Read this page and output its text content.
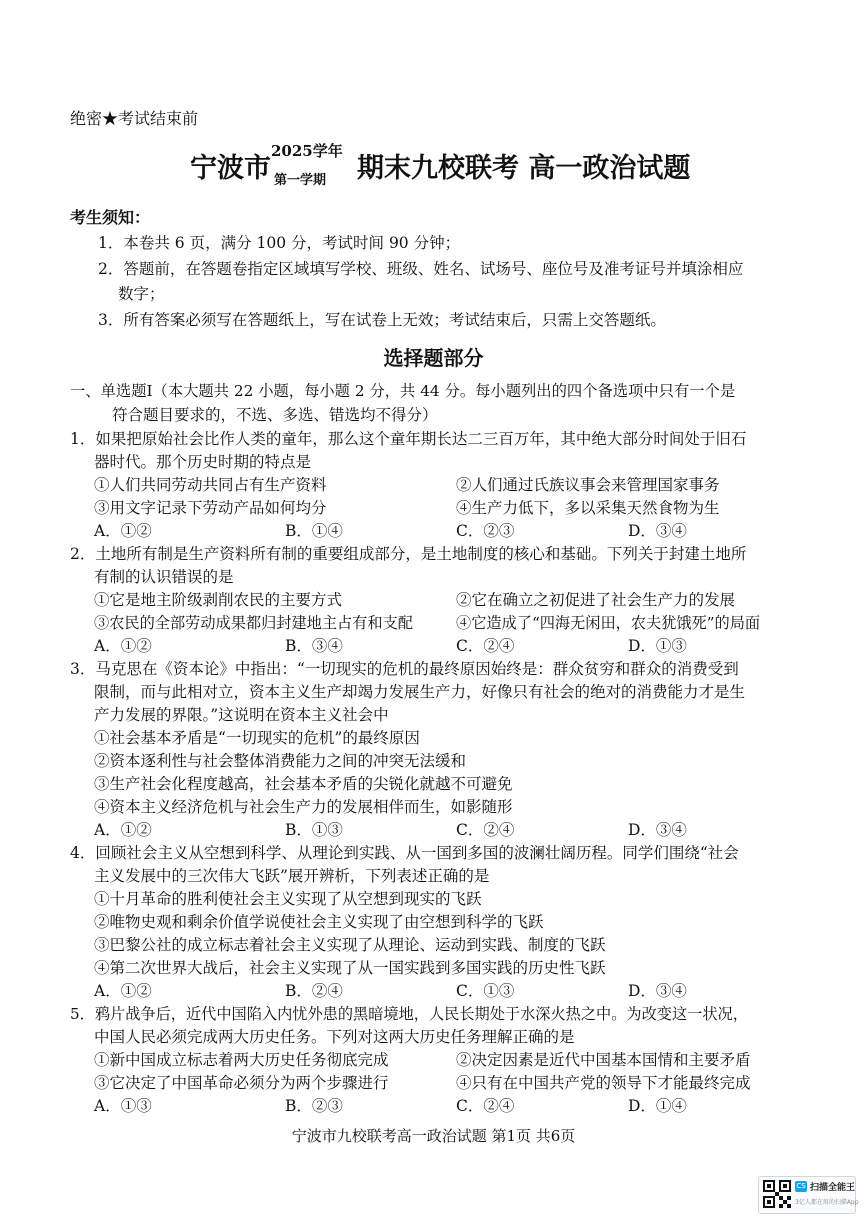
绝密★考试结束前
宁波市
2025学年
第一学期 期末九校联考 高一政治试题
考生须知：
1．本卷共 6 页，满分 100 分，考试时间 90 分钟；
2．答题前，在答题卷指定区域填写学校、班级、姓名、试场号、座位号及准考证号并填涂相应
数字；
3．所有答案必须写在答题纸上，写在试卷上无效；考试结束后，只需上交答题纸。
选择题部分
一、单选题Ⅰ（本大题共 22 小题，每小题 2 分，共 44 分。每小题列出的四个备选项中只有一个是
符合题目要求的，不选、多选、错选均不得分）
1．如果把原始社会比作人类的童年，那么这个童年期长达二三百万年，其中绝大部分时间处于旧石
器时代。那个历史时期的特点是
①人们共同劳动共同占有生产资料	②人们通过氏族议事会来管理国家事务
③用文字记录下劳动产品如何均分	④生产力低下，多以采集天然食物为生
A．①②	B．①④	C．②③	D．③④
2．土地所有制是生产资料所有制的重要组成部分，是土地制度的核心和基础。下列关于封建土地所
有制的认识错误的是
①它是地主阶级剥削农民的主要方式	②它在确立之初促进了社会生产力的发展
③农民的全部劳动成果都归封建地主占有和支配	④它造成了“四海无闲田，农夫犹饿死”的局面
A．①②	B．③④	C．②④	D．①③
3．马克思在《资本论》中指出：“一切现实的危机的最终原因始终是：群众贫穷和群众的消费受到
限制，而与此相对立，资本主义生产却竭力发展生产力，好像只有社会的绝对的消费能力才是生
产力发展的界限。”这说明在资本主义社会中
①社会基本矛盾是“一切现实的危机”的最终原因
②资本逐利性与社会整体消费能力之间的冲突无法缓和
③生产社会化程度越高，社会基本矛盾的尖锐化就越不可避免
④资本主义经济危机与社会生产力的发展相伴而生，如影随形
A．①②	B．①③	C．②④	D．③④
4．回顾社会主义从空想到科学、从理论到实践、从一国到多国的波澜壮阔历程。同学们围绕“社会
主义发展中的三次伟大飞跃”展开辨析，下列表述正确的是
①十月革命的胜利使社会主义实现了从空想到现实的飞跃
②唯物史观和剩余价值学说使社会主义实现了由空想到科学的飞跃
③巴黎公社的成立标志着社会主义实现了从理论、运动到实践、制度的飞跃
④第二次世界大战后，社会主义实现了从一国实践到多国实践的历史性飞跃
A．①②	B．②④	C．①③	D．③④
5．鸦片战争后，近代中国陷入内忧外患的黑暗境地，人民长期处于水深火热之中。为改变这一状况，
中国人民必须完成两大历史任务。下列对这两大历史任务理解正确的是
①新中国成立标志着两大历史任务彻底完成	②决定因素是近代中国基本国情和主要矛盾
③它决定了中国革命必须分为两个步骤进行	④只有在中国共产党的领导下才能最终完成
A．①③	B．②③	C．②④	D．①④
宁波市九校联考高一政治试题 第1页 共6页
CS 扫描全能王
3亿人都在用的扫描App
